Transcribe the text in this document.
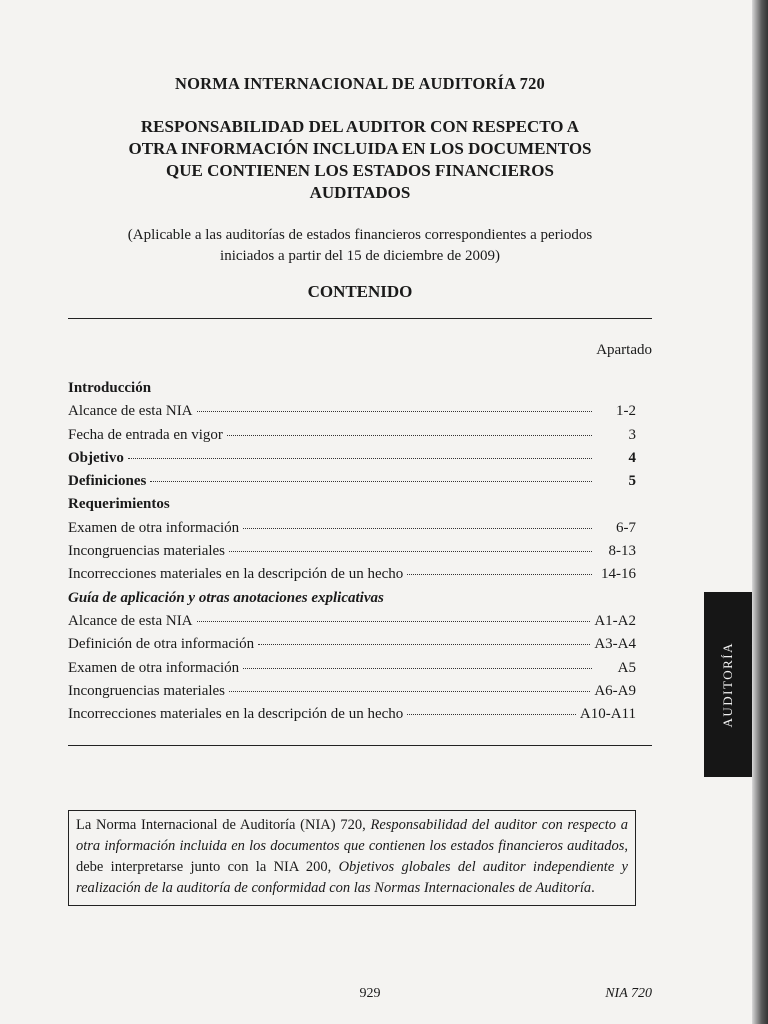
NORMA INTERNACIONAL DE AUDITORÍA 720
RESPONSABILIDAD DEL AUDITOR CON RESPECTO A
OTRA INFORMACIÓN INCLUIDA EN LOS DOCUMENTOS
QUE CONTIENEN LOS ESTADOS FINANCIEROS
AUDITADOS
(Aplicable a las auditorías de estados financieros correspondientes a periodos
iniciados a partir del 15 de diciembre de 2009)
CONTENIDO
Apartado
Introducción
Alcance de esta NIA	1-2
Fecha de entrada en vigor	3
Objetivo	4
Definiciones	5
Requerimientos
Examen de otra información	6-7
Incongruencias materiales	8-13
Incorrecciones materiales en la descripción de un hecho	14-16
Guía de aplicación y otras anotaciones explicativas
Alcance de esta NIA	A1-A2
Definición de otra información	A3-A4
Examen de otra información	A5
Incongruencias materiales	A6-A9
Incorrecciones materiales en la descripción de un hecho	A10-A11	AUDITORÍA
La Norma Internacional de Auditoría (NIA) 720, Responsabilidad del auditor con respecto a otra información incluida en los documentos que contienen los estados financieros auditados, debe interpretarse junto con la NIA 200, Objetivos globales del auditor independiente y realización de la auditoría de conformidad con las Normas Internacionales de Auditoría.
929	NIA 720
